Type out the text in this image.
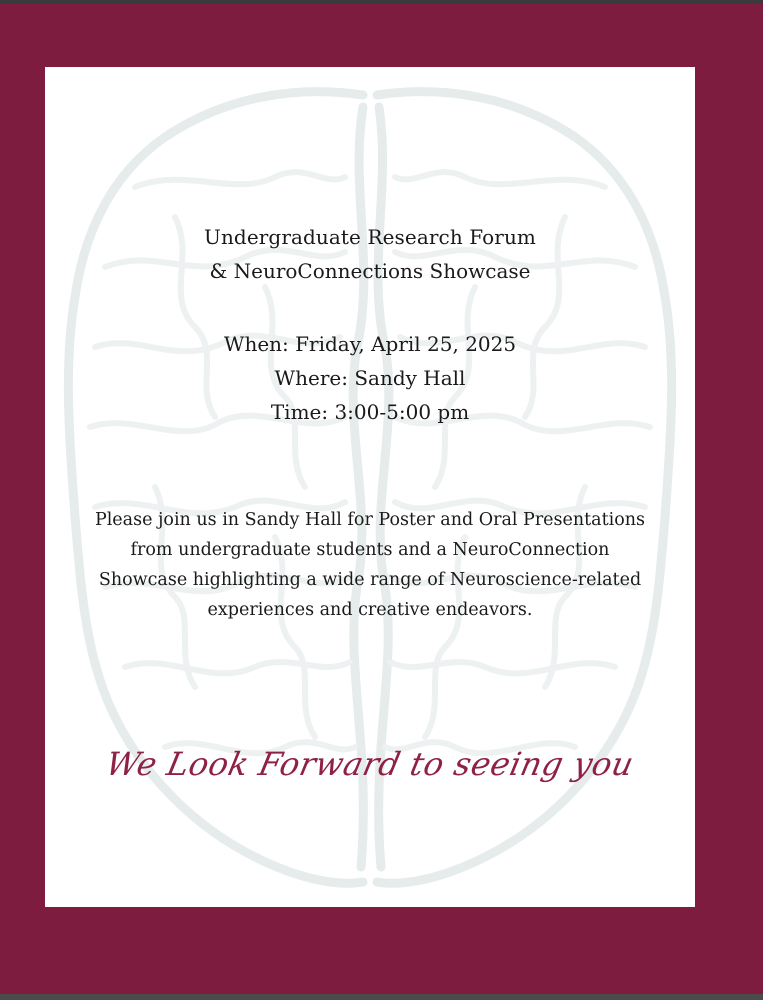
Undergraduate Research Forum
& NeuroConnections Showcase
When: Friday, April 25, 2025
Where: Sandy Hall
Time: 3:00-5:00 pm
Please join us in Sandy Hall for Poster and Oral Presentations
from undergraduate students and a NeuroConnection
Showcase highlighting a wide range of Neuroscience-related
experiences and creative endeavors.
We Look Forward to seeing you
